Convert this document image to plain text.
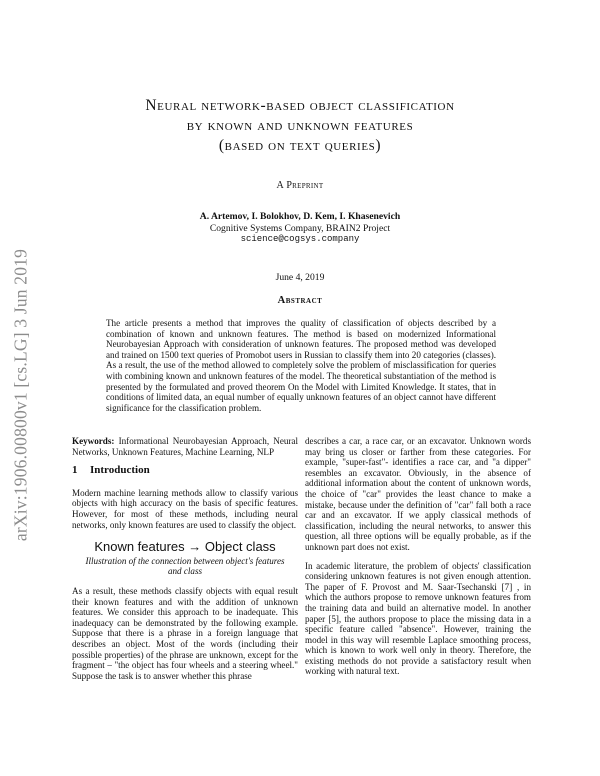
arXiv:1906.00800v1 [cs.LG] 3 Jun 2019
Neural network-based object classification
by known and unknown features
(based on text queries)
A Preprint
A. Artemov, I. Bolokhov, D. Kem, I. Khasenevich
Cognitive Systems Company, BRAIN2 Project
science@cogsys.company
June 4, 2019
Abstract
The article presents a method that improves the quality of classification of objects described by a combination of known and unknown features. The method is based on modernized Informational Neurobayesian Approach with consideration of unknown features. The proposed method was developed and trained on 1500 text queries of Promobot users in Russian to classify them into 20 categories (classes). As a result, the use of the method allowed to completely solve the problem of misclassification for queries with combining known and unknown features of the model. The theoretical substantiation of the method is presented by the formulated and proved theorem On the Model with Limited Knowledge. It states, that in conditions of limited data, an equal number of equally unknown features of an object cannot have different significance for the classification problem.

Keywords: Informational Neurobayesian Approach, Neural Networks, Unknown Features, Machine Learning, NLP

1 Introduction

Modern machine learning methods allow to classify various objects with high accuracy on the basis of specific features. However, for most of these methods, including neural networks, only known features are used to classify the object.

Known features → Object class
Illustration of the connection between object's features
and class

As a result, these methods classify objects with equal result their known features and with the addition of unknown features. We consider this approach to be inadequate. This inadequacy can be demonstrated by the following example. Suppose that there is a phrase in a foreign language that describes an object. Most of the words (including their possible properties) of the phrase are unknown, except for the fragment – "the object has four wheels and a steering wheel." Suppose the task is to answer whether this phrase

describes a car, a race car, or an excavator. Unknown words may bring us closer or farther from these categories. For example, "super-fast"- identifies a race car, and "a dipper" resembles an excavator. Obviously, in the absence of additional information about the content of unknown words, the choice of "car" provides the least chance to make a mistake, because under the definition of "car" fall both a race car and an excavator. If we apply classical methods of classification, including the neural networks, to answer this question, all three options will be equally probable, as if the unknown part does not exist.

In academic literature, the problem of objects' classification considering unknown features is not given enough attention. The paper of F. Provost and M. Saar-Tsechanski [7] , in which the authors propose to remove unknown features from the training data and build an alternative model. In another paper [5], the authors propose to place the missing data in a specific feature called "absence". However, training the model in this way will resemble Laplace smoothing process, which is known to work well only in theory. Therefore, the existing methods do not provide a satisfactory result when working with natural text.
